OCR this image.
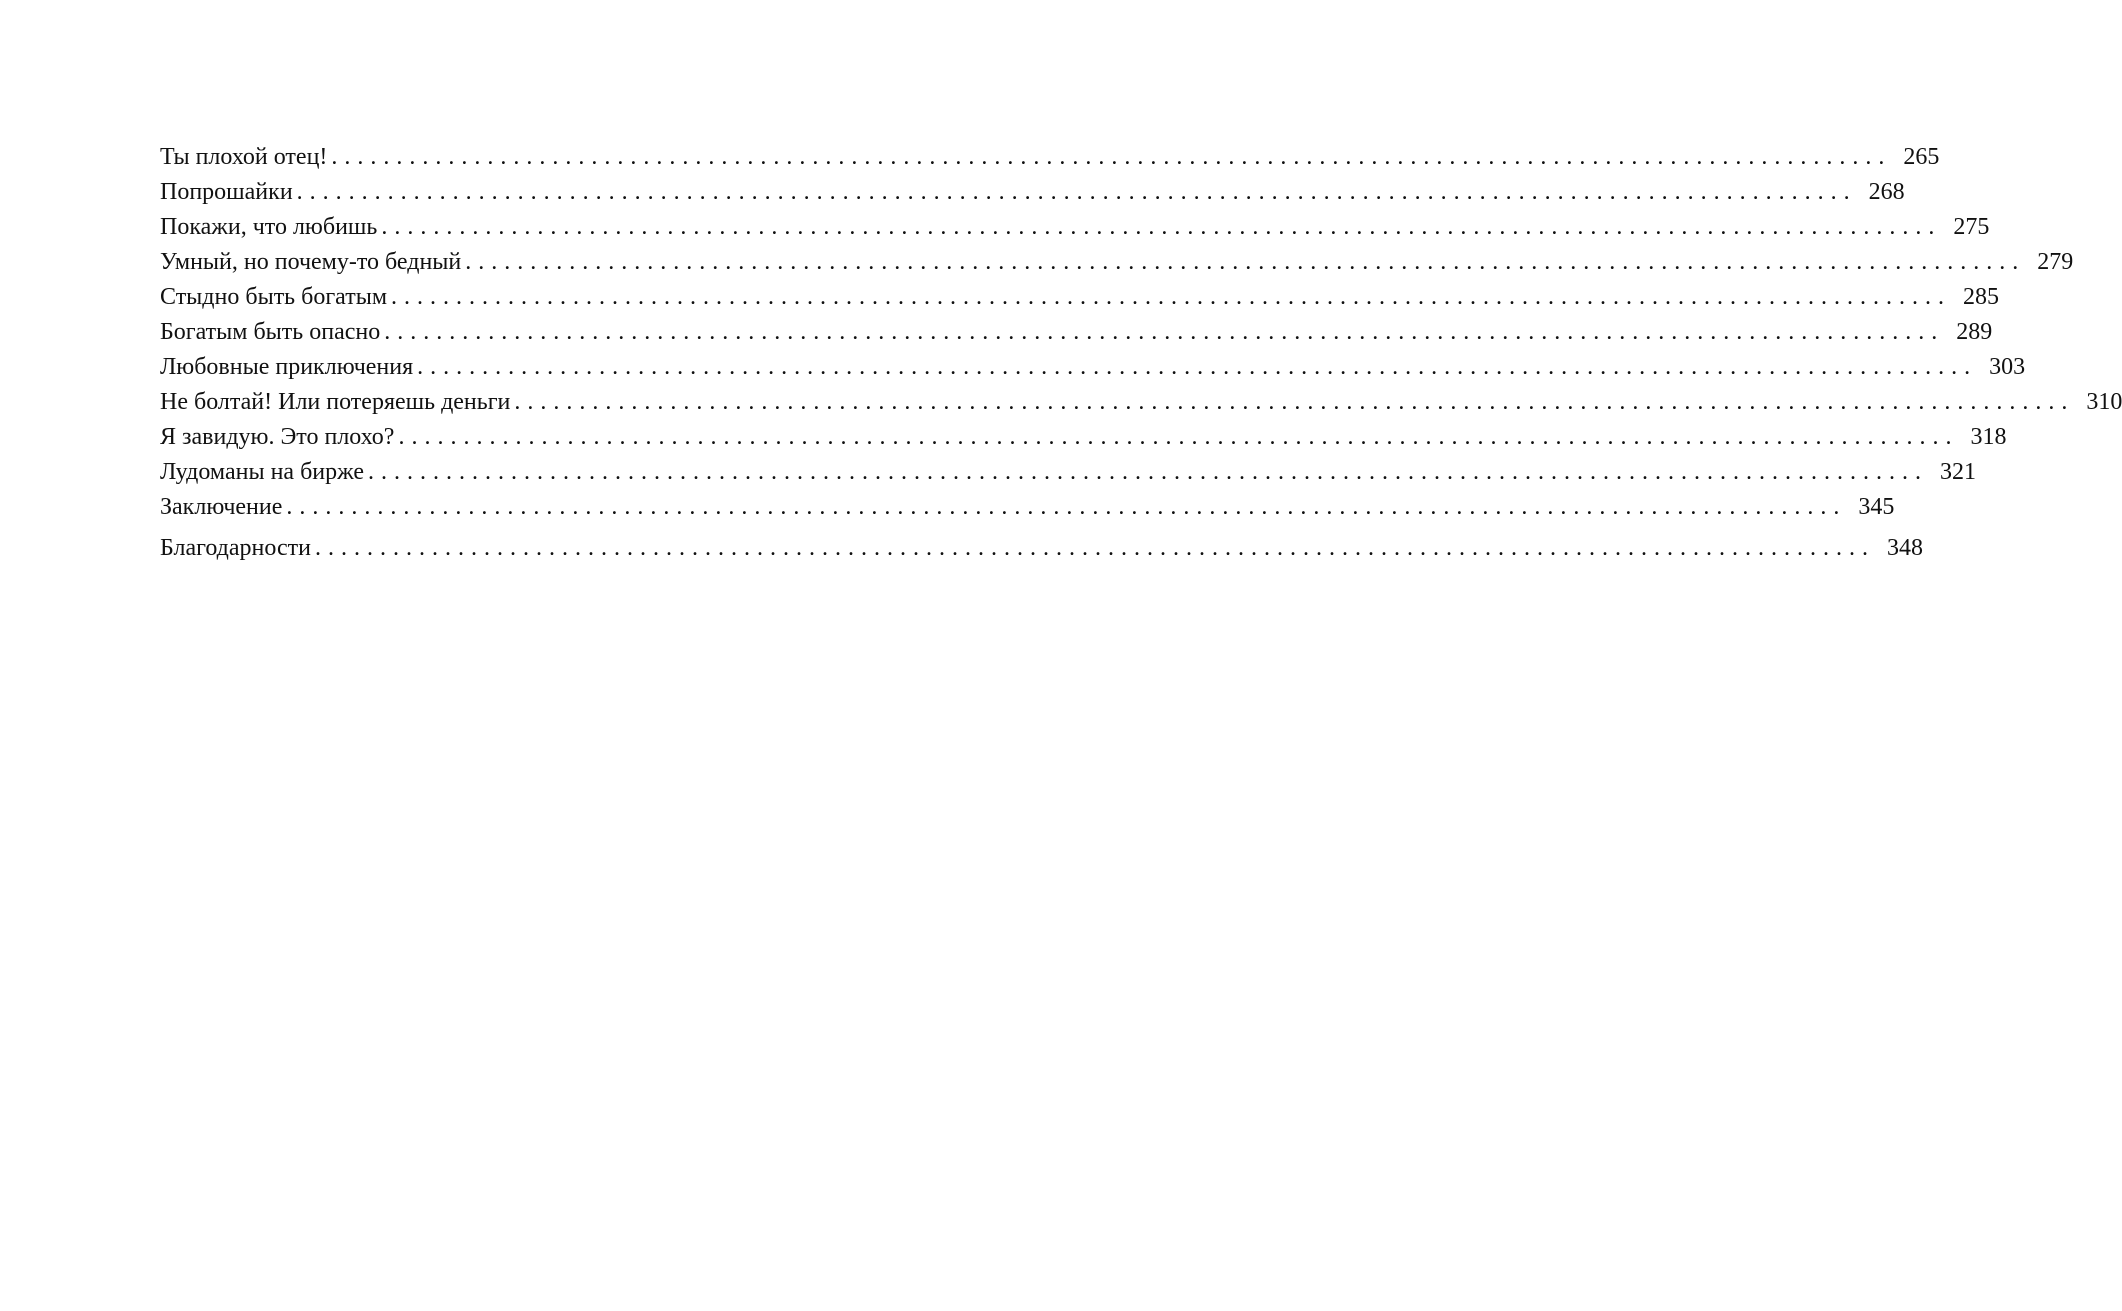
Ты плохой отец! ........................................................................................................................ 265
Попрошайки ........................................................................................................................ 268
Покажи, что любишь ........................................................................................................................ 275
Умный, но почему-то бедный ........................................................................................................................ 279
Стыдно быть богатым ........................................................................................................................ 285
Богатым быть опасно ........................................................................................................................ 289
Любовные приключения ........................................................................................................................ 303
Не болтай! Или потеряешь деньги ........................................................................................................................ 310
Я завидую. Это плохо? ........................................................................................................................ 318
Лудоманы на бирже ........................................................................................................................ 321
Заключение ........................................................................................................................ 345
Благодарности ........................................................................................................................ 348
